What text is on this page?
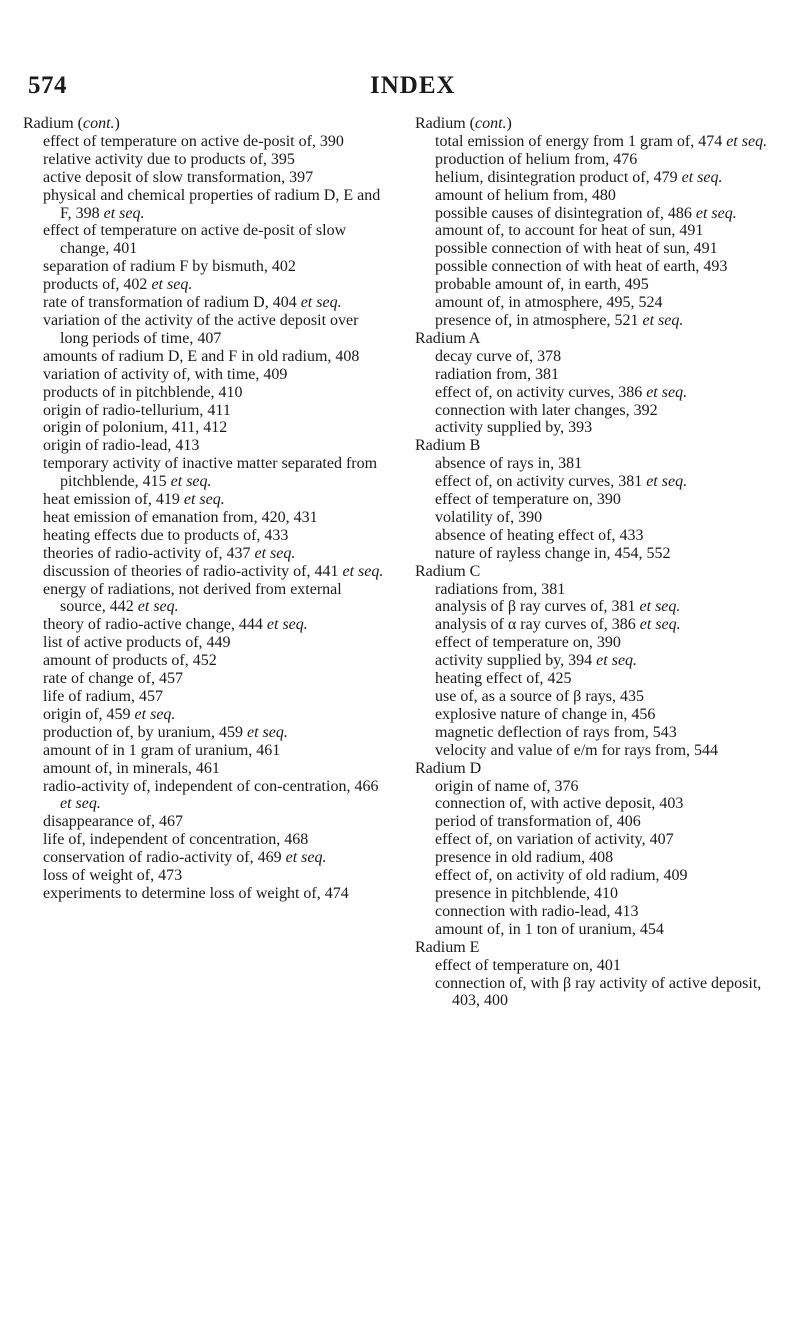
574	INDEX
Radium (cont.)
effect of temperature on active de-posit of, 390
relative activity due to products of, 395
active deposit of slow transformation, 397
physical and chemical properties of radium D, E and F, 398 et seq.
effect of temperature on active de-posit of slow change, 401
separation of radium F by bismuth, 402
products of, 402 et seq.
rate of transformation of radium D, 404 et seq.
variation of the activity of the active deposit over long periods of time, 407
amounts of radium D, E and F in old radium, 408
variation of activity of, with time, 409
products of in pitchblende, 410
origin of radio-tellurium, 411
origin of polonium, 411, 412
origin of radio-lead, 413
temporary activity of inactive matter separated from pitchblende, 415 et seq.
heat emission of, 419 et seq.
heat emission of emanation from, 420, 431
heating effects due to products of, 433
theories of radio-activity of, 437 et seq.
discussion of theories of radio-activity of, 441 et seq.
energy of radiations, not derived from external source, 442 et seq.
theory of radio-active change, 444 et seq.
list of active products of, 449
amount of products of, 452
rate of change of, 457
life of radium, 457
origin of, 459 et seq.
production of, by uranium, 459 et seq.
amount of in 1 gram of uranium, 461
amount of, in minerals, 461
radio-activity of, independent of con-centration, 466 et seq.
disappearance of, 467
life of, independent of concentration, 468
conservation of radio-activity of, 469 et seq.
loss of weight of, 473
experiments to determine loss of weight of, 474
Radium (cont.)
total emission of energy from 1 gram of, 474 et seq.
production of helium from, 476
helium, disintegration product of, 479 et seq.
amount of helium from, 480
possible causes of disintegration of, 486 et seq.
amount of, to account for heat of sun, 491
possible connection of with heat of sun, 491
possible connection of with heat of earth, 493
probable amount of, in earth, 495
amount of, in atmosphere, 495, 524
presence of, in atmosphere, 521 et seq.
Radium A
decay curve of, 378
radiation from, 381
effect of, on activity curves, 386 et seq.
connection with later changes, 392
activity supplied by, 393
Radium B
absence of rays in, 381
effect of, on activity curves, 381 et seq.
effect of temperature on, 390
volatility of, 390
absence of heating effect of, 433
nature of rayless change in, 454, 552
Radium C
radiations from, 381
analysis of β ray curves of, 381 et seq.
analysis of α ray curves of, 386 et seq.
effect of temperature on, 390
activity supplied by, 394 et seq.
heating effect of, 425
use of, as a source of β rays, 435
explosive nature of change in, 456
magnetic deflection of rays from, 543
velocity and value of e/m for rays from, 544
Radium D
origin of name of, 376
connection of, with active deposit, 403
period of transformation of, 406
effect of, on variation of activity, 407
presence in old radium, 408
effect of, on activity of old radium, 409
presence in pitchblende, 410
connection with radio-lead, 413
amount of, in 1 ton of uranium, 454
Radium E
effect of temperature on, 401
connection of, with β ray activity of active deposit, 403, 400
